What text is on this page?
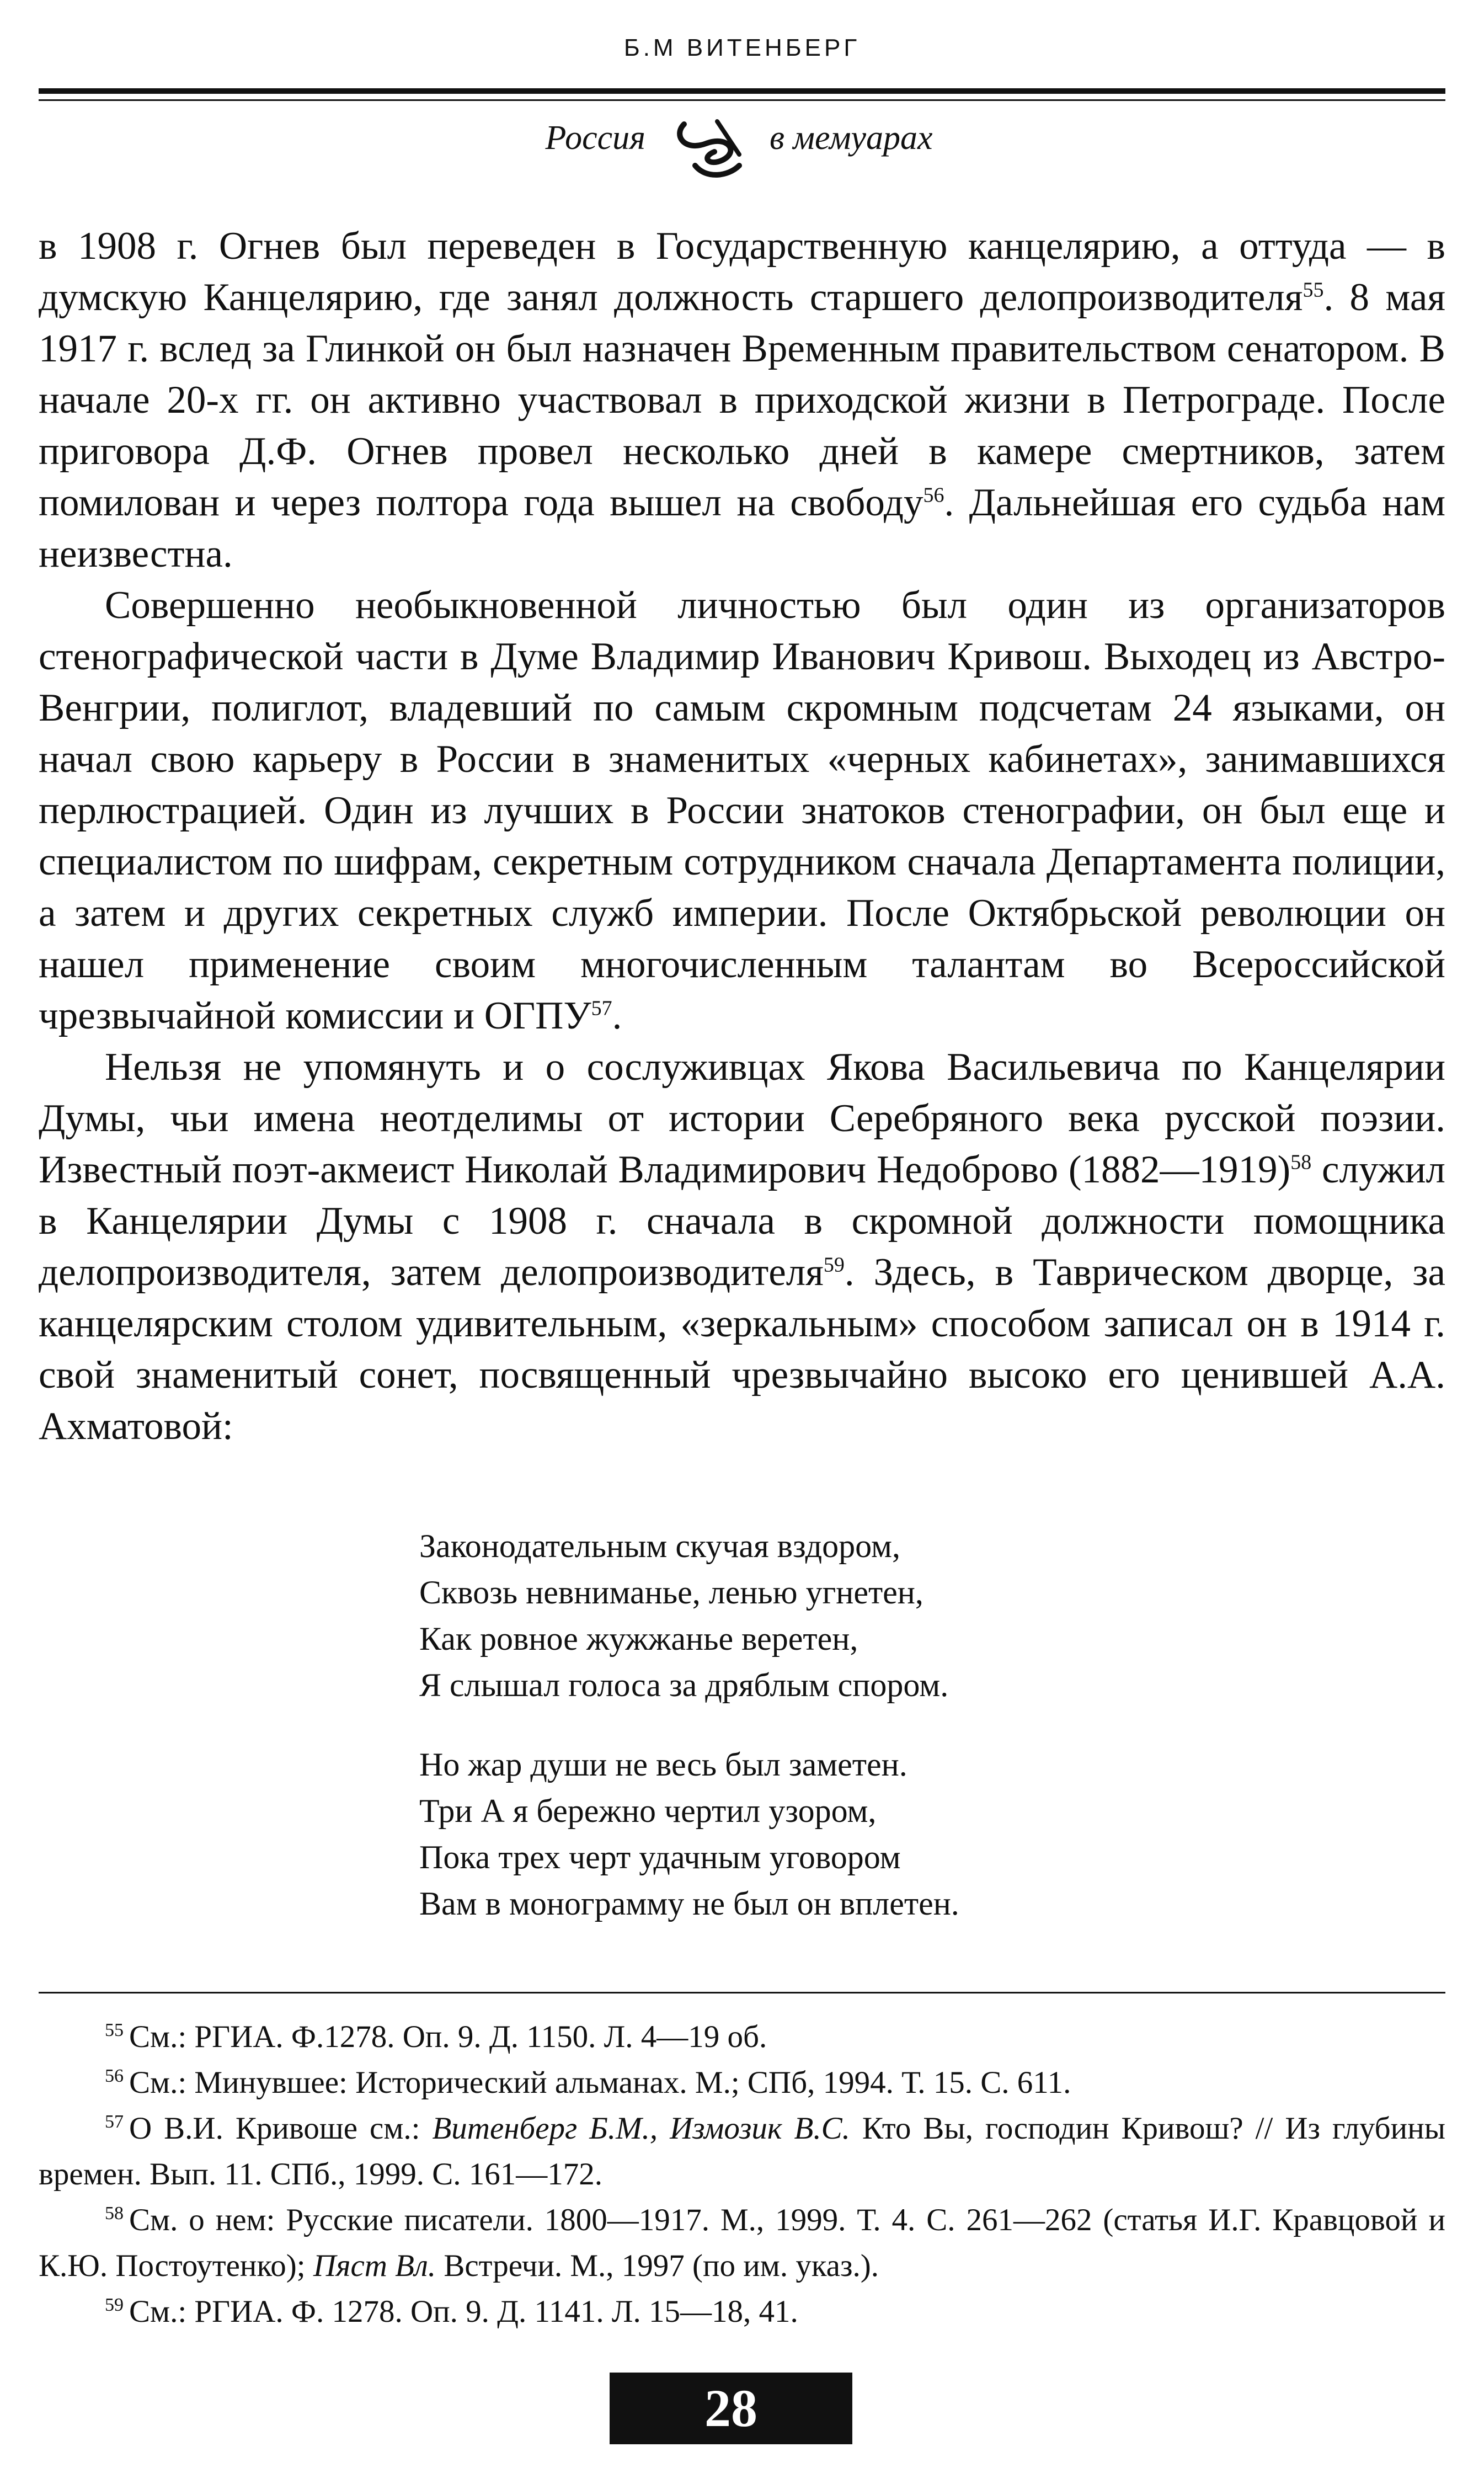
Б.М ВИТЕНБЕРГ
Россия	в мемуарах

в 1908 г. Огнев был переведен в Государственную канцелярию, а оттуда — в думскую Канцелярию, где занял должность старшего делопроизводителя$^{55}$. 8 мая 1917 г. вслед за Глинкой он был назначен Временным правительством сенатором. В начале 20-х гг. он активно участвовал в приходской жизни в Петрограде. После приговора Д.Ф. Огнев провел несколько дней в камере смертников, затем помилован и через полтора года вышел на свободу$^{56}$. Дальнейшая его судьба нам неизвестна.

Совершенно необыкновенной личностью был один из организаторов стенографической части в Думе Владимир Иванович Кривош. Выходец из Австро-Венгрии, полиглот, владевший по самым скромным подсчетам 24 языками, он начал свою карьеру в России в знаменитых «черных кабинетах», занимавшихся перлюстрацией. Один из лучших в России знатоков стенографии, он был еще и специалистом по шифрам, секретным сотрудником сначала Департамента полиции, а затем и других секретных служб империи. После Октябрьской революции он нашел применение своим многочисленным талантам во Всероссийской чрезвычайной комиссии и ОГПУ$^{57}$.

Нельзя не упомянуть и о сослуживцах Якова Васильевича по Канцелярии Думы, чьи имена неотделимы от истории Серебряного века русской поэзии. Известный поэт-акмеист Николай Владимирович Недоброво (1882—1919)$^{58}$ служил в Канцелярии Думы с 1908 г. сначала в скромной должности помощника делопроизводителя, затем делопроизводителя$^{59}$. Здесь, в Таврическом дворце, за канцелярским столом удивительным, «зеркальным» способом записал он в 1914 г. свой знаменитый сонет, посвященный чрезвычайно высоко его ценившей А.А. Ахматовой:

Законодательным скучая вздором,
Сквозь невниманье, ленью угнетен,
Как ровное жужжанье веретен,
Я слышал голоса за дряблым спором.
Но жар души не весь был заметен.
Три А я бережно чертил узором,
Пока трех черт удачным уговором
Вам в монограмму не был он вплетен.
$^{55}$ См.: РГИА. Ф.1278. Оп. 9. Д. 1150. Л. 4—19 об.
$^{56}$ См.: Минувшее: Исторический альманах. М.; СПб, 1994. Т. 15. С. 611.
$^{57}$ О В.И. Кривоше см.: Витенберг Б.М., Измозик В.С. Кто Вы, господин Кривош? // Из глубины времен. Вып. 11. СПб., 1999. С. 161—172.
$^{58}$ См. о нем: Русские писатели. 1800—1917. М., 1999. Т. 4. С. 261—262 (статья И.Г. Кравцовой и К.Ю. Постоутенко); Пяст Вл. Встречи. М., 1997 (по им. указ.).
$^{59}$ См.: РГИА. Ф. 1278. Оп. 9. Д. 1141. Л. 15—18, 41.
28
